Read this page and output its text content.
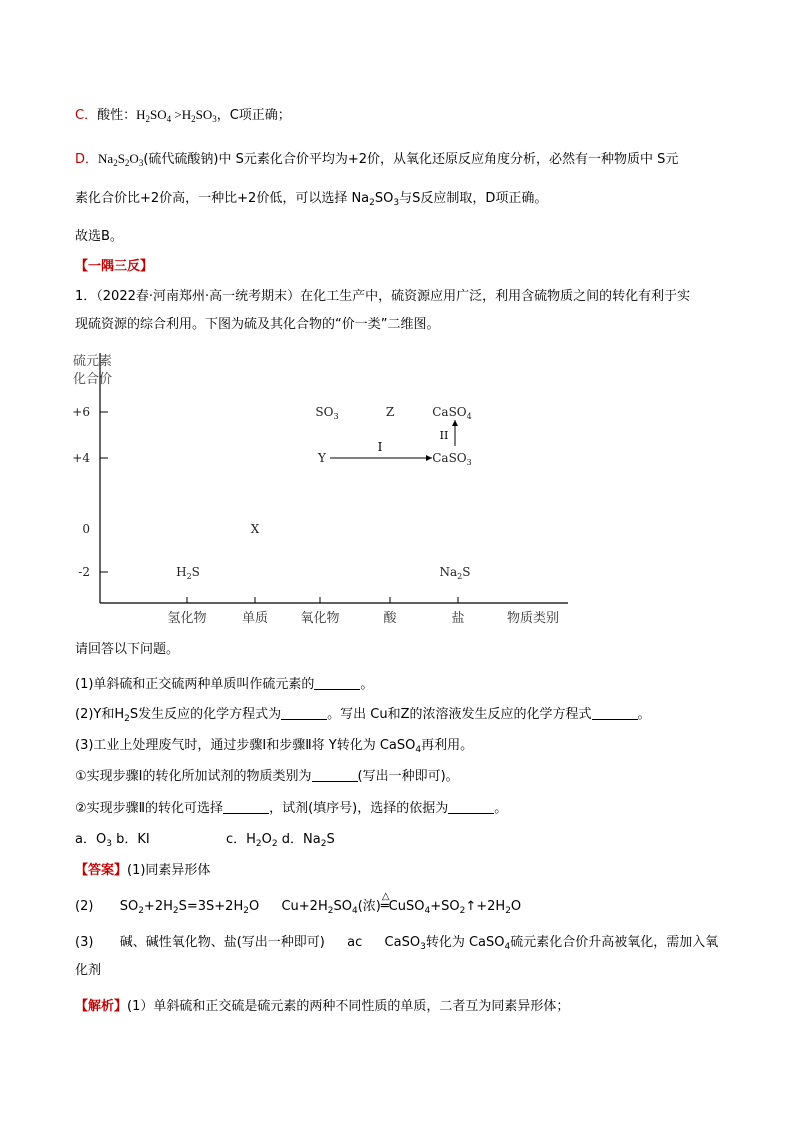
C．酸性：$H_2SO_4 >H_2SO_3$，C项正确；
D．$Na_2S_2O_3$(硫代硫酸钠)中 S元素化合价平均为+2价，从氧化还原反应角度分析，必然有一种物质中 S元
素化合价比+2价高，一种比+2价低，可以选择 $Na_2SO_3$与S反应制取，D项正确。
故选B。
【一隅三反】
1．（2022春·河南郑州·高一统考期末）在化工生产中，硫资源应用广泛，利用含硫物质之间的转化有利于实
现硫资源的综合利用。下图为硫及其化合物的“价一类”二维图。
硫元素
化合价
+6
+4
0
-2
氢化物	单质 氧化物	酸	盐	物质类别
$SO_3$	Z	CaSO$_4$
Y	CaSO$_3$
X
$H_2S$	$Na_2S$
I
II
请回答以下问题。
(1)单斜硫和正交硫两种单质叫作硫元素的	。
(2)Y和$H_2S$发生反应的化学方程式为	。写出 Cu和Z的浓溶液发生反应的化学方程式	。
(3)工业上处理废气时，通过步骤Ⅰ和步骤Ⅱ将 Y转化为 CaSO$_4$再利用。
①实现步骤Ⅰ的转化所加试剂的物质类别为	(写出一种即可)。
②实现步骤Ⅱ的转化可选择	，试剂(填序号)，选择的依据为	。
a．$O_3$ b．KI	c．$H_2O_2$ d．$Na_2S$
【答案】(1)同素异形体
(2) $SO_2+2H_2S=3S+2H_2O$ $Cu+2H_2SO_4$(浓)
△
$═CuSO_4+SO_2↑+2H_2O$
(3) 碱、碱性氧化物、盐(写出一种即可) ac CaSO$_3$转化为 CaSO$_4$硫元素化合价升高被氧化，需加入氧
化剂
【解析】(1）单斜硫和正交硫是硫元素的两种不同性质的单质，二者互为同素异形体；
